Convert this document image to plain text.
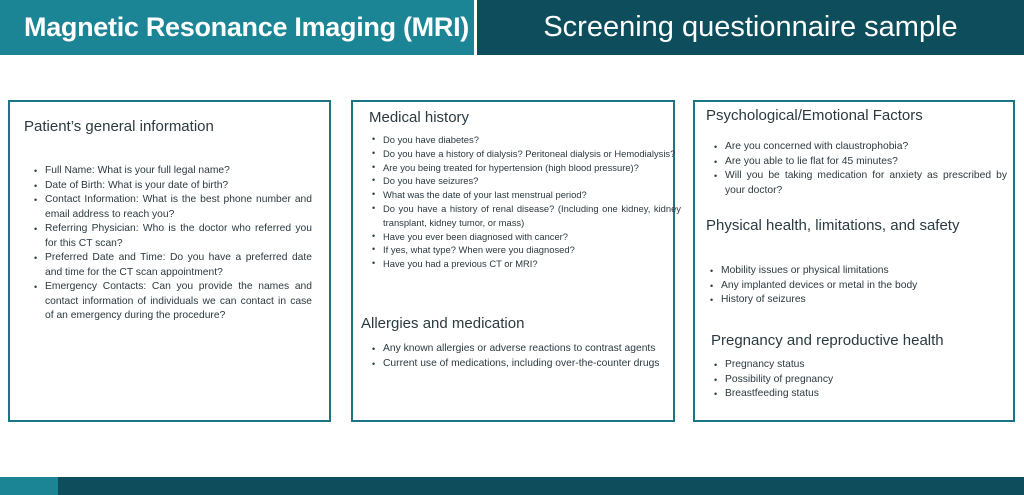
Magnetic Resonance Imaging (MRI)	Screening questionnaire sample
Patient’s general information
• Full Name: What is your full legal name?
• Date of Birth: What is your date of birth?
• Contact Information: What is the best phone number and email address to reach you?
• Referring Physician: Who is the doctor who referred you for this CT scan?
• Preferred Date and Time: Do you have a preferred date and time for the CT scan appointment?
• Emergency Contacts: Can you provide the names and contact information of individuals we can contact in case of an emergency during the procedure?
Medical history
• Do you have diabetes?
• Do you have a history of dialysis? Peritoneal dialysis or Hemodialysis?
• Are you being treated for hypertension (high blood pressure)?
• Do you have seizures?
• What was the date of your last menstrual period?
• Do you have a history of renal disease? (Including one kidney, kidney transplant, kidney tumor, or mass)
• Have you ever been diagnosed with cancer?
• If yes, what type? When were you diagnosed?
• Have you had a previous CT or MRI?
Allergies and medication
• Any known allergies or adverse reactions to contrast agents
• Current use of medications, including over-the-counter drugs
Psychological/Emotional Factors
• Are you concerned with claustrophobia?
• Are you able to lie flat for 45 minutes?
• Will you be taking medication for anxiety as prescribed by your doctor?
Physical health, limitations, and safety
• Mobility issues or physical limitations
• Any implanted devices or metal in the body
• History of seizures
Pregnancy and reproductive health
• Pregnancy status
• Possibility of pregnancy
• Breastfeeding status
